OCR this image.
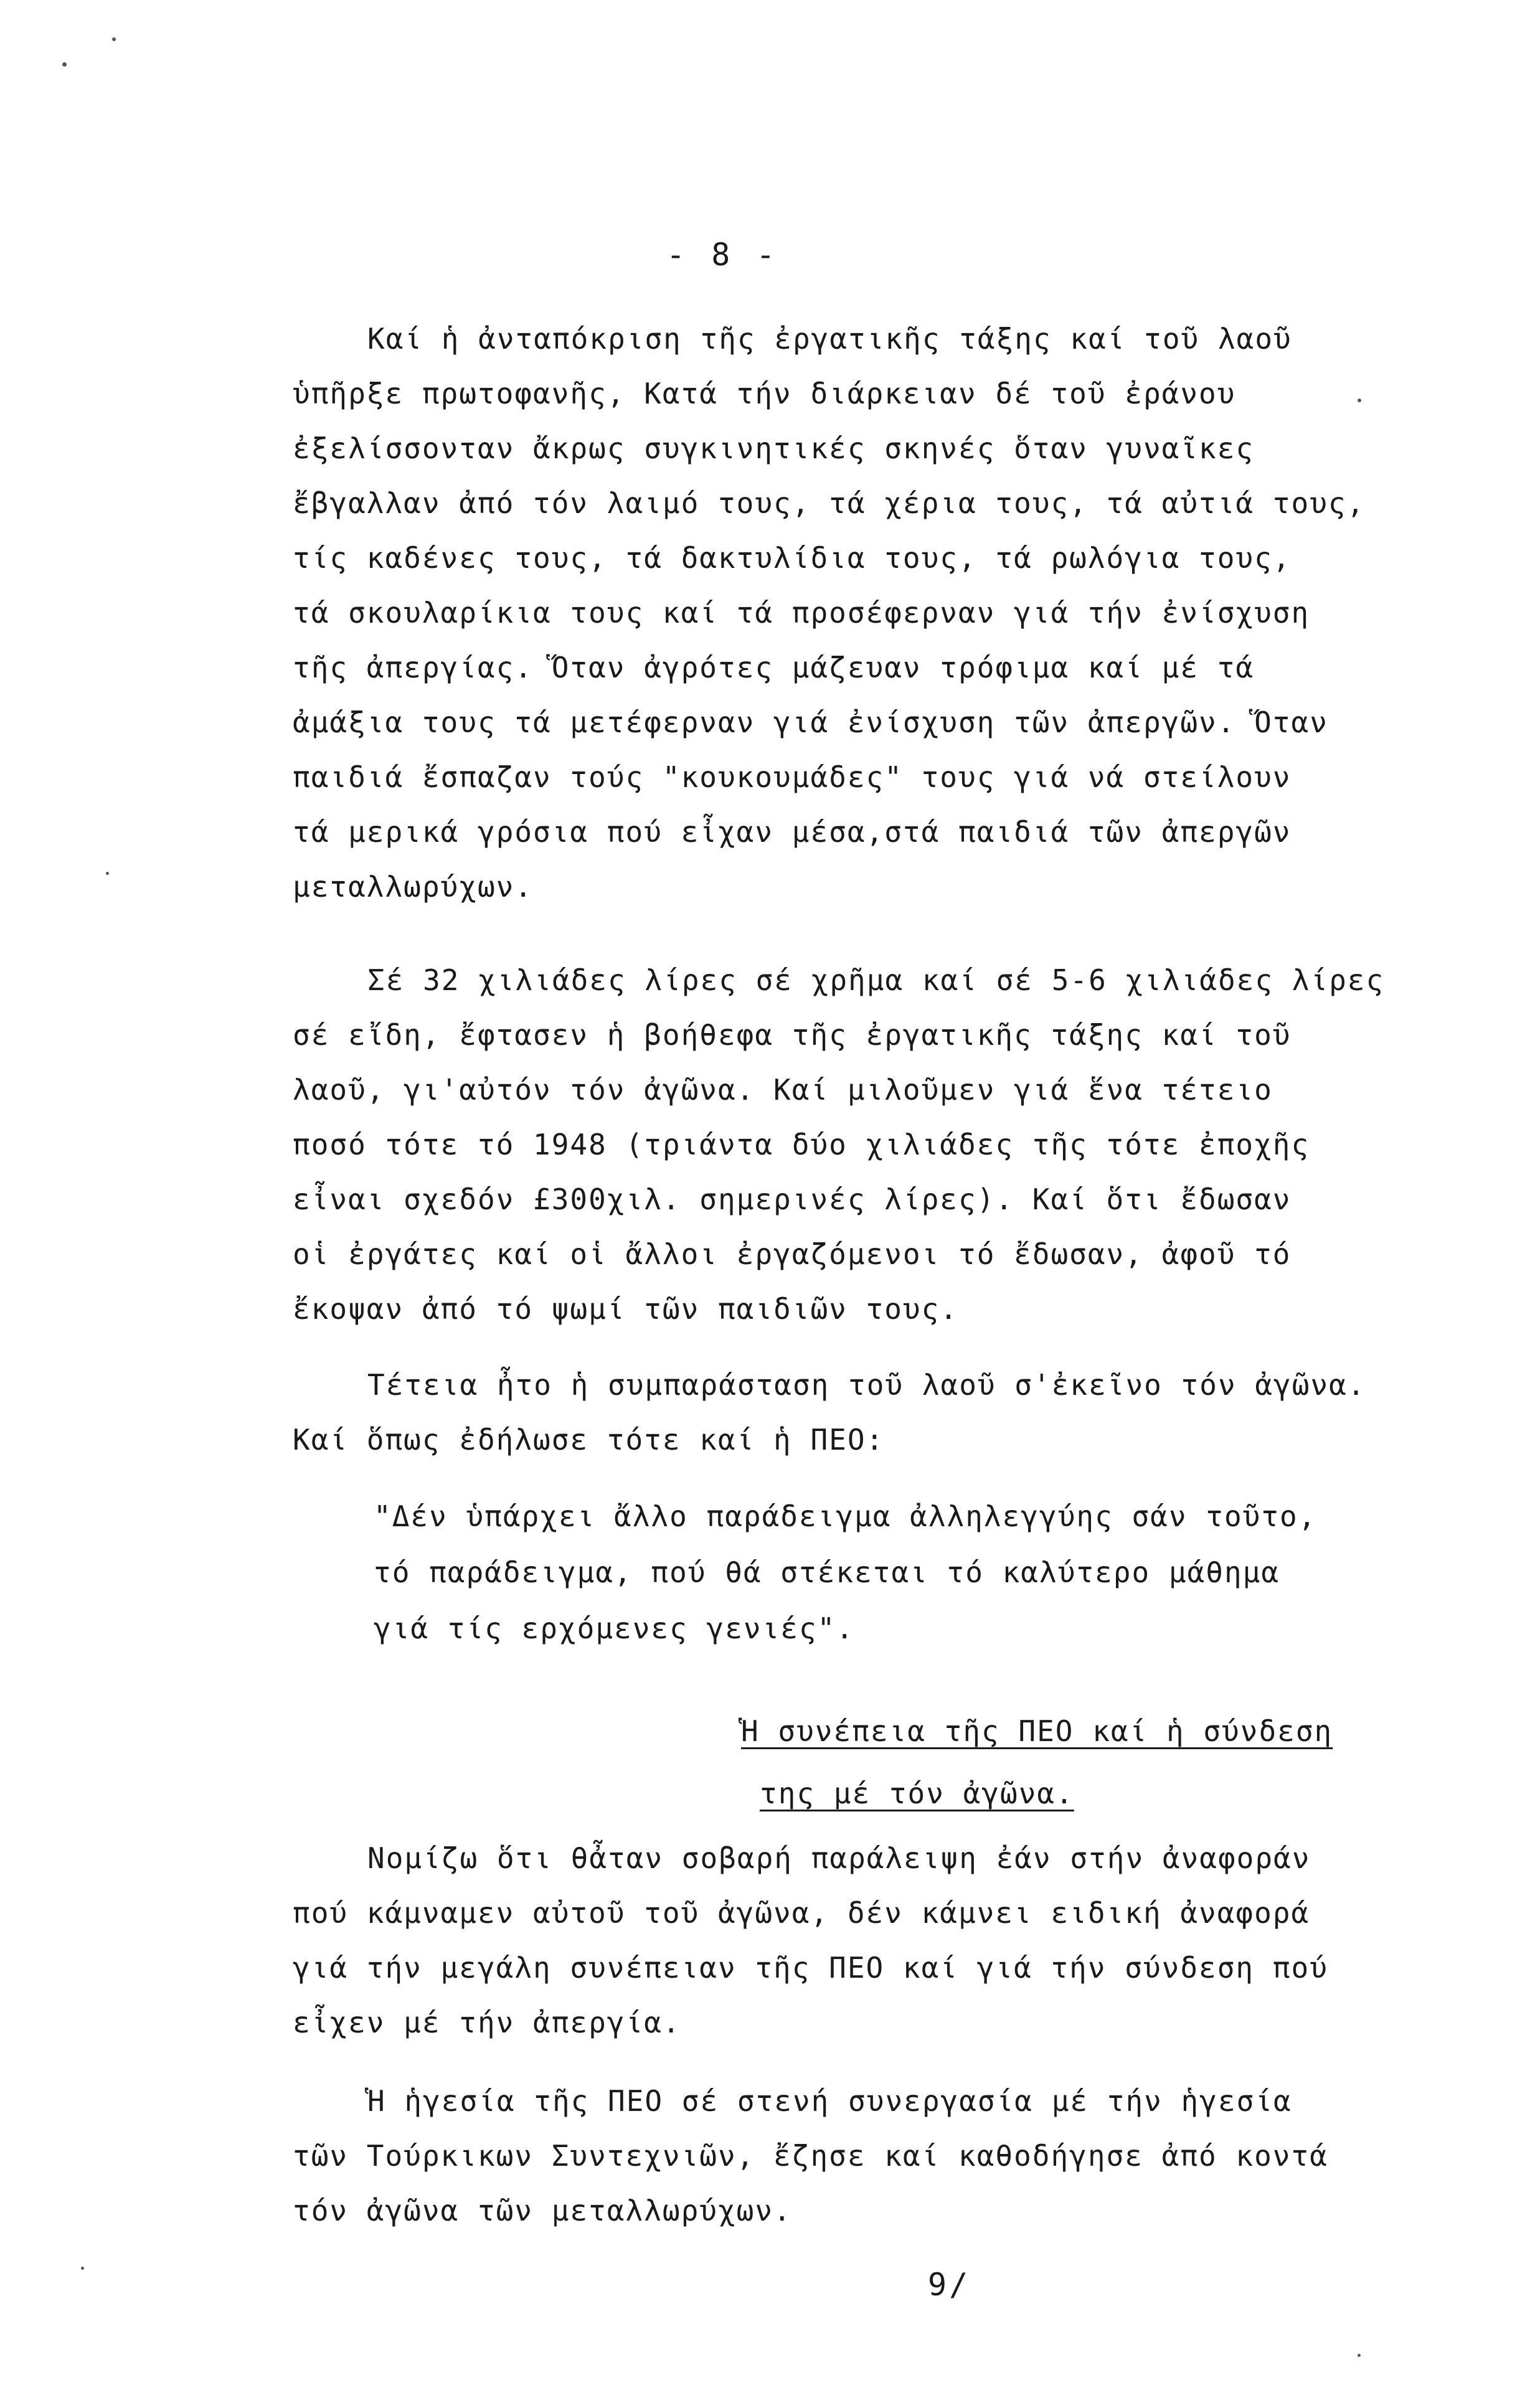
- 8 -
Καί ἡ ἀνταπόκριση τῆς ἐργατικῆς τάξης καί τοῦ λαοῦ
ὑπῆρξε πρωτοφανῆς, Κατά τήν διάρκειαν δέ τοῦ ἐράνου
ἐξελίσσονταν ἄκρως συγκινητικές σκηνές ὅταν γυναῖκες
ἔβγαλλαν ἀπό τόν λαιμό τους, τά χέρια τους, τά αὐτιά τους,
τίς καδένες τους, τά δακτυλίδια τους, τά ρωλόγια τους,
τά σκουλαρίκια τους καί τά προσέφερναν γιά τήν ἐνίσχυση
τῆς ἀπεργίας. Ὅταν ἀγρότες μάζευαν τρόφιμα καί μέ τά
ἀμάξια τους τά μετέφερναν γιά ἐνίσχυση τῶν ἀπεργῶν. Ὅταν
παιδιά ἔσπαζαν τούς "κουκουμάδες" τους γιά νά στείλουν
τά μερικά γρόσια πού εἶχαν μέσα,στά παιδιά τῶν ἀπεργῶν
μεταλλωρύχων.
Σέ 32 χιλιάδες λίρες σέ χρῆμα καί σέ 5-6 χιλιάδες λίρες
σέ εἴδη, ἔφτασεν ἡ βοήθεφα τῆς ἐργατικῆς τάξης καί τοῦ
λαοῦ, γι'αὐτόν τόν ἀγῶνα. Καί μιλοῦμεν γιά ἕνα τέτειο
ποσό τότε τό 1948 (τριάντα δύο χιλιάδες τῆς τότε ἐποχῆς
εἶναι σχεδόν £300χιλ. σημερινές λίρες). Καί ὅτι ἔδωσαν
οἱ ἐργάτες καί οἱ ἄλλοι ἐργαζόμενοι τό ἔδωσαν, ἀφοῦ τό
ἔκοψαν ἀπό τό ψωμί τῶν παιδιῶν τους.
Τέτεια ἦτο ἡ συμπαράσταση τοῦ λαοῦ σ'ἐκεῖνο τόν ἀγῶνα.
Καί ὅπως ἐδήλωσε τότε καί ἡ ΠΕΟ:
"Δέν ὑπάρχει ἄλλο παράδειγμα ἀλληλεγγύης σάν τοῦτο,
τό παράδειγμα, πού θά στέκεται τό καλύτερο μάθημα
γιά τίς ερχόμενες γενιές".
Ἡ συνέπεια τῆς ΠΕΟ καί ἡ σύνδεση
της μέ τόν ἀγῶνα.
Νομίζω ὅτι θἆταν σοβαρή παράλειψη ἐάν στήν ἀναφοράν
πού κάμναμεν αὐτοῦ τοῦ ἀγῶνα, δέν κάμνει ειδική ἀναφορά
γιά τήν μεγάλη συνέπειαν τῆς ΠΕΟ καί γιά τήν σύνδεση πού
εἶχεν μέ τήν ἀπεργία.
Ἡ ἡγεσία τῆς ΠΕΟ σέ στενή συνεργασία μέ τήν ἡγεσία
τῶν Τούρκικων Συντεχνιῶν, ἔζησε καί καθοδήγησε ἀπό κοντά
τόν ἀγῶνα τῶν μεταλλωρύχων.
9/
